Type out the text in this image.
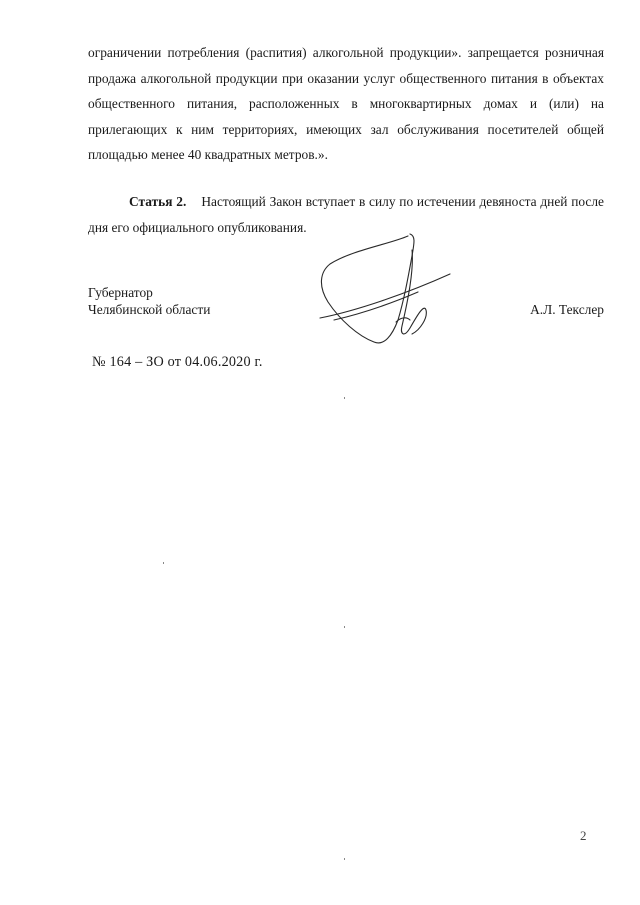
ограничении потребления (распития) алкогольной продукции». запрещается розничная продажа алкогольной продукции при оказании услуг общественного питания в объектах общественного питания, расположенных в многоквартирных домах и (или) на прилегающих к ним территориях, имеющих зал обслуживания посетителей общей площадью менее 40 квадратных метров.».

Статья 2. Настоящий Закон вступает в силу по истечении девяноста дней после дня его официального опубликования.

Губернатор
Челябинской области	А.Л. Текслер
№ 164 – ЗО от 04.06.2020 г.
2
